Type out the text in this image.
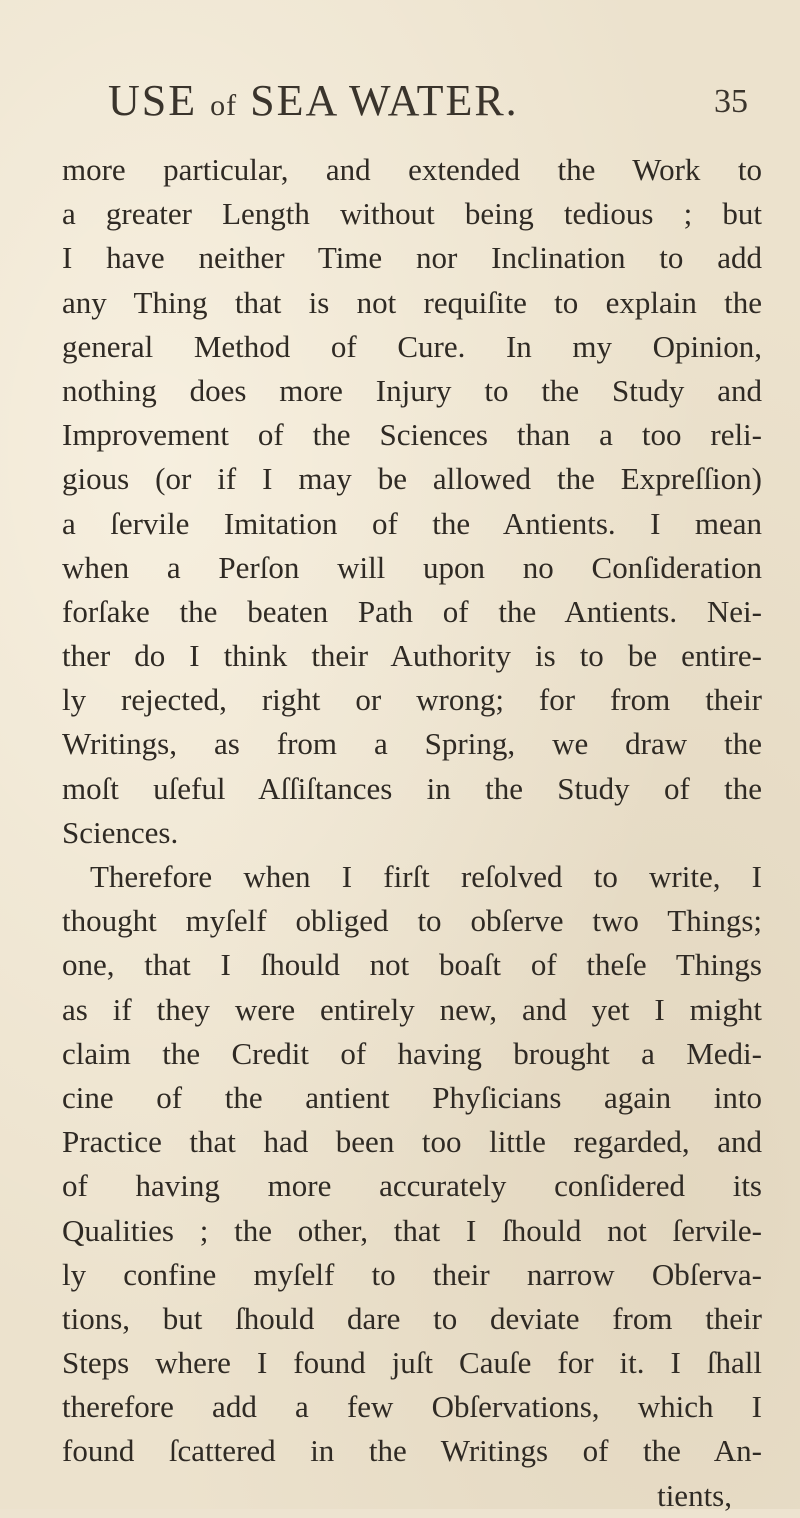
USE of SEA WATER.	35
more particular, and extended the Work to
a greater Length without being tedious ; but
I have neither Time nor Inclination to add
any Thing that is not requiſite to explain the
general Method of Cure. In my Opinion,
nothing does more Injury to the Study and
Improvement of the Sciences than a too reli-
gious (or if I may be allowed the Expreſſion)
a ſervile Imitation of the Antients. I mean
when a Perſon will upon no Conſideration
forſake the beaten Path of the Antients. Nei-
ther do I think their Authority is to be entire-
ly rejected, right or wrong; for from their
Writings, as from a Spring, we draw the
moſt uſeful Aſſiſtances in the Study of the
Sciences.
Therefore when I firſt reſolved to write, I
thought myſelf obliged to obſerve two Things;
one, that I ſhould not boaſt of theſe Things
as if they were entirely new, and yet I might
claim the Credit of having brought a Medi-
cine of the antient Phyſicians again into
Practice that had been too little regarded, and
of having more accurately conſidered its
Qualities ; the other, that I ſhould not ſervile-
ly confine myſelf to their narrow Obſerva-
tions, but ſhould dare to deviate from their
Steps where I found juſt Cauſe for it. I ſhall
therefore add a few Obſervations, which I
found ſcattered in the Writings of the An-
tients,
